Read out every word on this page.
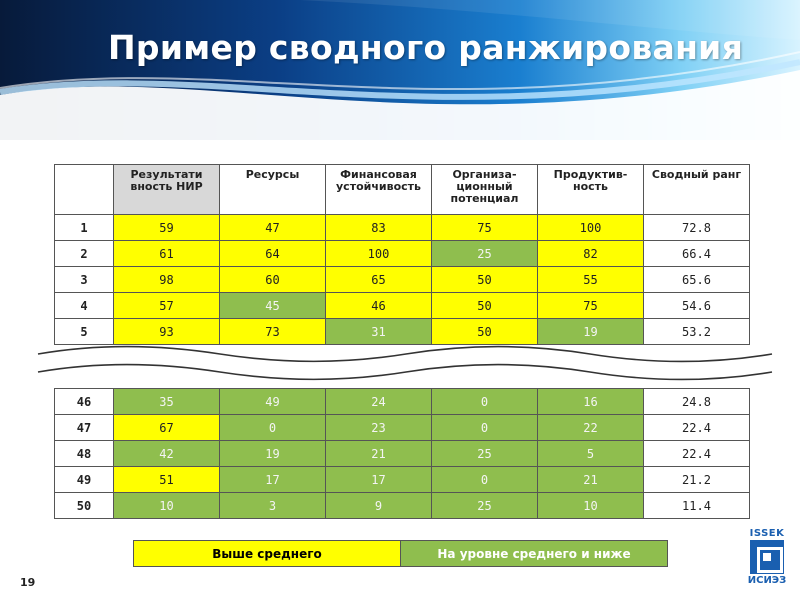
Пример сводного ранжирования
	Результати вность НИР	Ресурсы	Финансовая устойчивость	Организа- ционный потенциал	Продуктив- ность	Сводный ранг
1	59	47	83	75	100	72.8
2	61	64	100	25	82	66.4
3	98	60	65	50	55	65.6
4	57	45	46	50	75	54.6
5	93	73	31	50	19	53.2

46	35	49	24	0	16	24.8
47	67	0	23	0	22	22.4
48	42	19	21	25	5	22.4
49	51	17	17	0	21	21.2
50	10	3	9	25	10	11.4
Выше среднего	На уровне среднего и ниже
19
ISSEK
ИСИЭЗ
